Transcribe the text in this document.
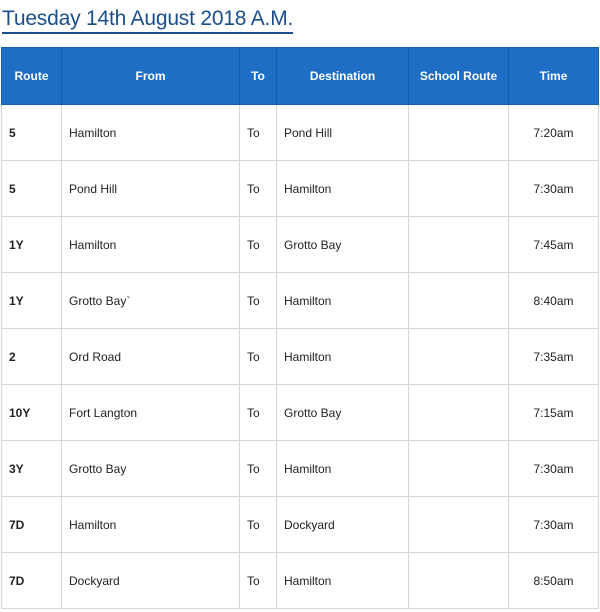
Tuesday 14th August 2018 A.M.
Route	From	To	Destination	School Route	Time
5	Hamilton	To	Pond Hill		7:20am
5	Pond Hill	To	Hamilton		7:30am
1Y	Hamilton	To	Grotto Bay		7:45am
1Y	Grotto Bay`	To	Hamilton		8:40am
2	Ord Road	To	Hamilton		7:35am
10Y	Fort Langton	To	Grotto Bay		7:15am
3Y	Grotto Bay	To	Hamilton		7:30am
7D	Hamilton	To	Dockyard		7:30am
7D	Dockyard	To	Hamilton		8:50am
